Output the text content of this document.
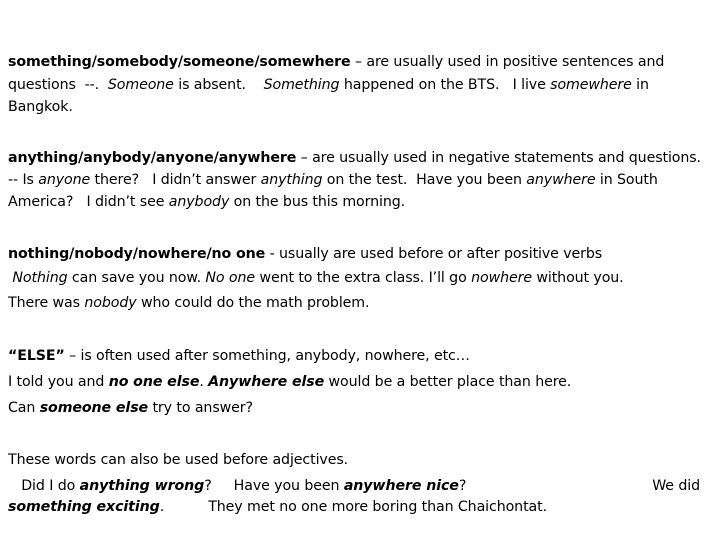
something/somebody/someone/somewhere – are usually used in positive sentences and
questions  --.  Someone is absent.    Something happened on the BTS.   I live somewhere in
Bangkok.
anything/anybody/anyone/anywhere – are usually used in negative statements and questions.
-- Is anyone there?   I didn’t answer anything on the test.  Have you been anywhere in South
America?   I didn’t see anybody on the bus this morning.
nothing/nobody/nowhere/no one - usually are used before or after positive verbs
Nothing can save you now. No one went to the extra class. I’ll go nowhere without you.
There was nobody who could do the math problem.
“ELSE” – is often used after something, anybody, nowhere, etc…
I told you and no one else. Anywhere else would be a better place than here.
Can someone else try to answer?
These words can also be used before adjectives.
Did I do anything wrong?     Have you been anywhere nice?	We did
something exciting.          They met no one more boring than Chaichontat.
